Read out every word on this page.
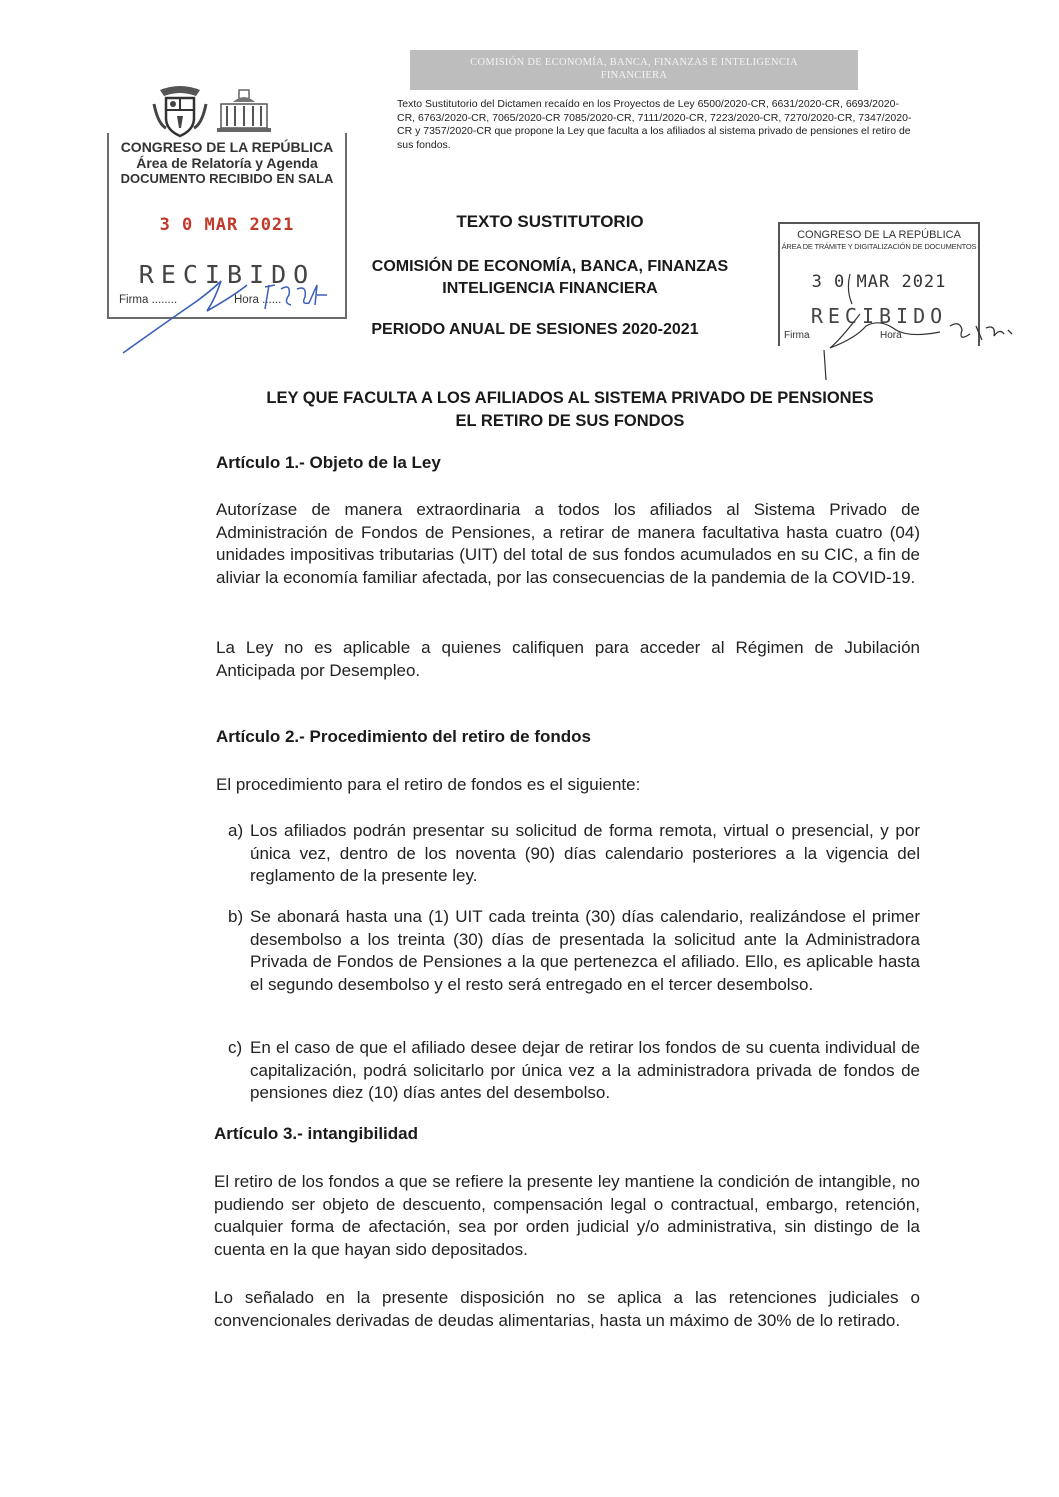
COMISIÓN DE ECONOMÍA, BANCA, FINANZAS E INTELIGENCIA
FINANCIERA
Texto Sustitutorio del Dictamen recaído en los Proyectos de Ley 6500/2020-CR, 6631/2020-CR, 6693/2020-CR, 6763/2020-CR, 7065/2020-CR 7085/2020-CR, 7111/2020-CR, 7223/2020-CR, 7270/2020-CR, 7347/2020-CR y 7357/2020-CR que propone la Ley que faculta a los afiliados al sistema privado de pensiones el retiro de sus fondos.
CONGRESO DE LA REPÚBLICA
Área de Relatoría y Agenda
DOCUMENTO RECIBIDO EN SALA
3 0 MAR 2021
RECIBIDO
Firma ........	Hora ......
CONGRESO DE LA REPÚBLICA
ÁREA DE TRÁMITE Y DIGITALIZACIÓN DE DOCUMENTOS
3 0 MAR 2021
RECIBIDO
Firma	Hora
TEXTO SUSTITUTORIO
COMISIÓN DE ECONOMÍA, BANCA, FINANZAS
INTELIGENCIA FINANCIERA
PERIODO ANUAL DE SESIONES 2020-2021
LEY QUE FACULTA A LOS AFILIADOS AL SISTEMA PRIVADO DE PENSIONES
EL RETIRO DE SUS FONDOS
Artículo 1.- Objeto de la Ley
Autorízase de manera extraordinaria a todos los afiliados al Sistema Privado de Administración de Fondos de Pensiones, a retirar de manera facultativa hasta cuatro (04) unidades impositivas tributarias (UIT) del total de sus fondos acumulados en su CIC, a fin de aliviar la economía familiar afectada, por las consecuencias de la pandemia de la COVID-19.
La Ley no es aplicable a quienes califiquen para acceder al Régimen de Jubilación Anticipada por Desempleo.
Artículo 2.- Procedimiento del retiro de fondos
El procedimiento para el retiro de fondos es el siguiente:
a) Los afiliados podrán presentar su solicitud de forma remota, virtual o presencial, y por única vez, dentro de los noventa (90) días calendario posteriores a la vigencia del reglamento de la presente ley.
b) Se abonará hasta una (1) UIT cada treinta (30) días calendario, realizándose el primer desembolso a los treinta (30) días de presentada la solicitud ante la Administradora Privada de Fondos de Pensiones a la que pertenezca el afiliado. Ello, es aplicable hasta el segundo desembolso y el resto será entregado en el tercer desembolso.
c) En el caso de que el afiliado desee dejar de retirar los fondos de su cuenta individual de capitalización, podrá solicitarlo por única vez a la administradora privada de fondos de pensiones diez (10) días antes del desembolso.
Artículo 3.- intangibilidad
El retiro de los fondos a que se refiere la presente ley mantiene la condición de intangible, no pudiendo ser objeto de descuento, compensación legal o contractual, embargo, retención, cualquier forma de afectación, sea por orden judicial y/o administrativa, sin distingo de la cuenta en la que hayan sido depositados.
Lo señalado en la presente disposición no se aplica a las retenciones judiciales o convencionales derivadas de deudas alimentarias, hasta un máximo de 30% de lo retirado.
